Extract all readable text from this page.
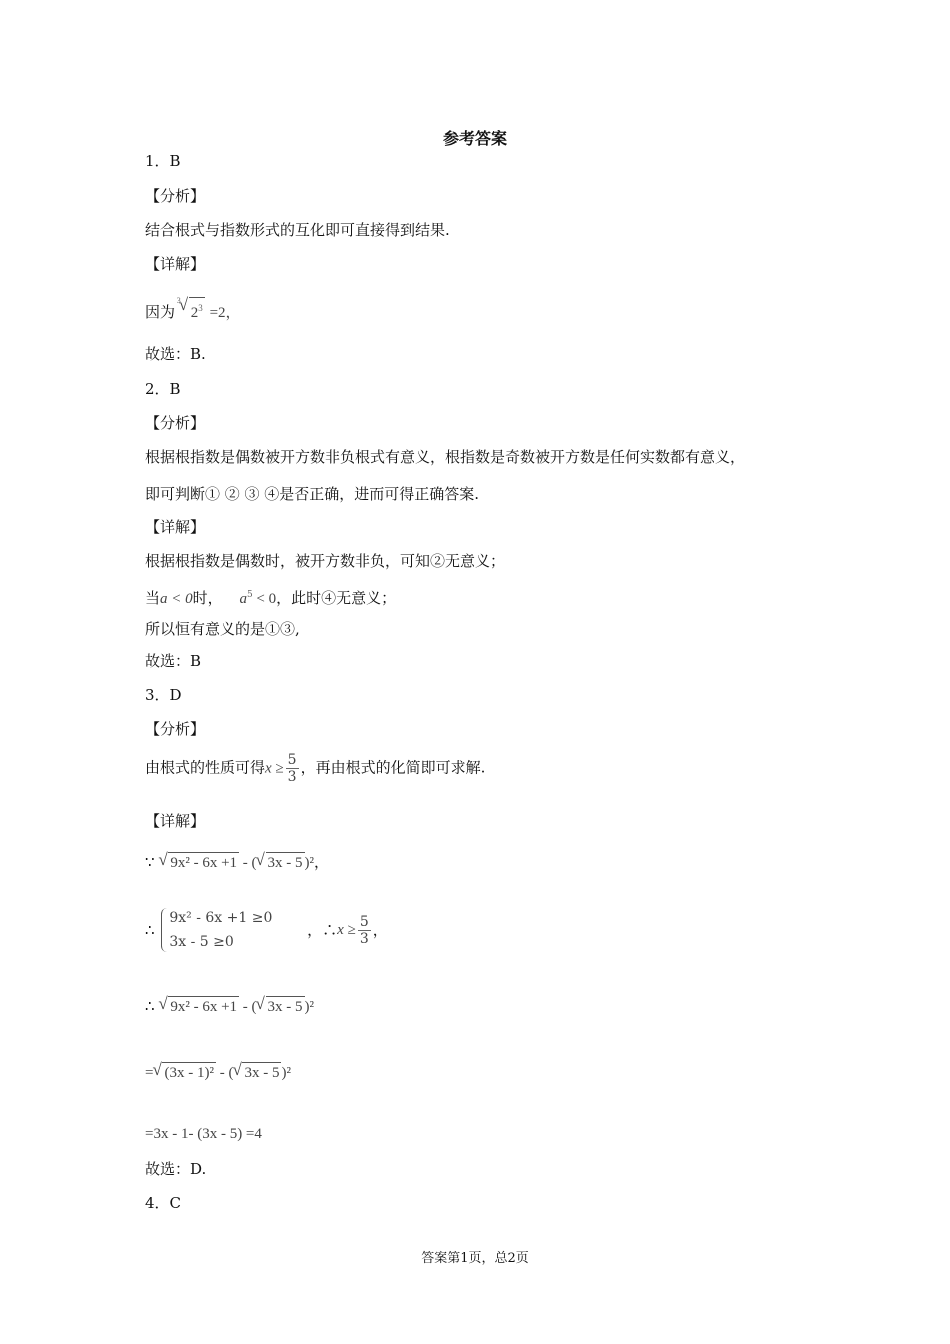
参考答案
1．B
【分析】
结合根式与指数形式的互化即可直接得到结果.
【详解】
因为
√ 3
$2^3 =2$，
故选：B.
2．B
【分析】
根据根指数是偶数被开方数非负根式有意义，根指数是奇数被开方数是任何实数都有意义，
即可判断① ② ③ ④是否正确，进而可得正确答案.
【详解】
根据根指数是偶数时，被开方数非负，可知②无意义；
当a < 0时， $a^5 < 0$，此时④无意义；
所以恒有意义的是①③,
故选：B
3．D
【分析】
由根式的性质可得$x \ge \frac{5}{3}$ ，再由根式的化简即可求解.
【详解】
∵ √ 9x² - 6x +1 - ( √ 3x - 5 )²，
∴
9x² - 6x +1 ≥0
3x - 5 ≥0
，∴x ≥ $\frac{5}{3}$ ，
∴ √ 9x² - 6x +1 - ( √ 3x - 5 )²
= √ (3x - 1)² - ( √ 3x - 5 )²
=3x - 1- (3x - 5) =4
故选：D.
4．C
答案第1页，总2页
